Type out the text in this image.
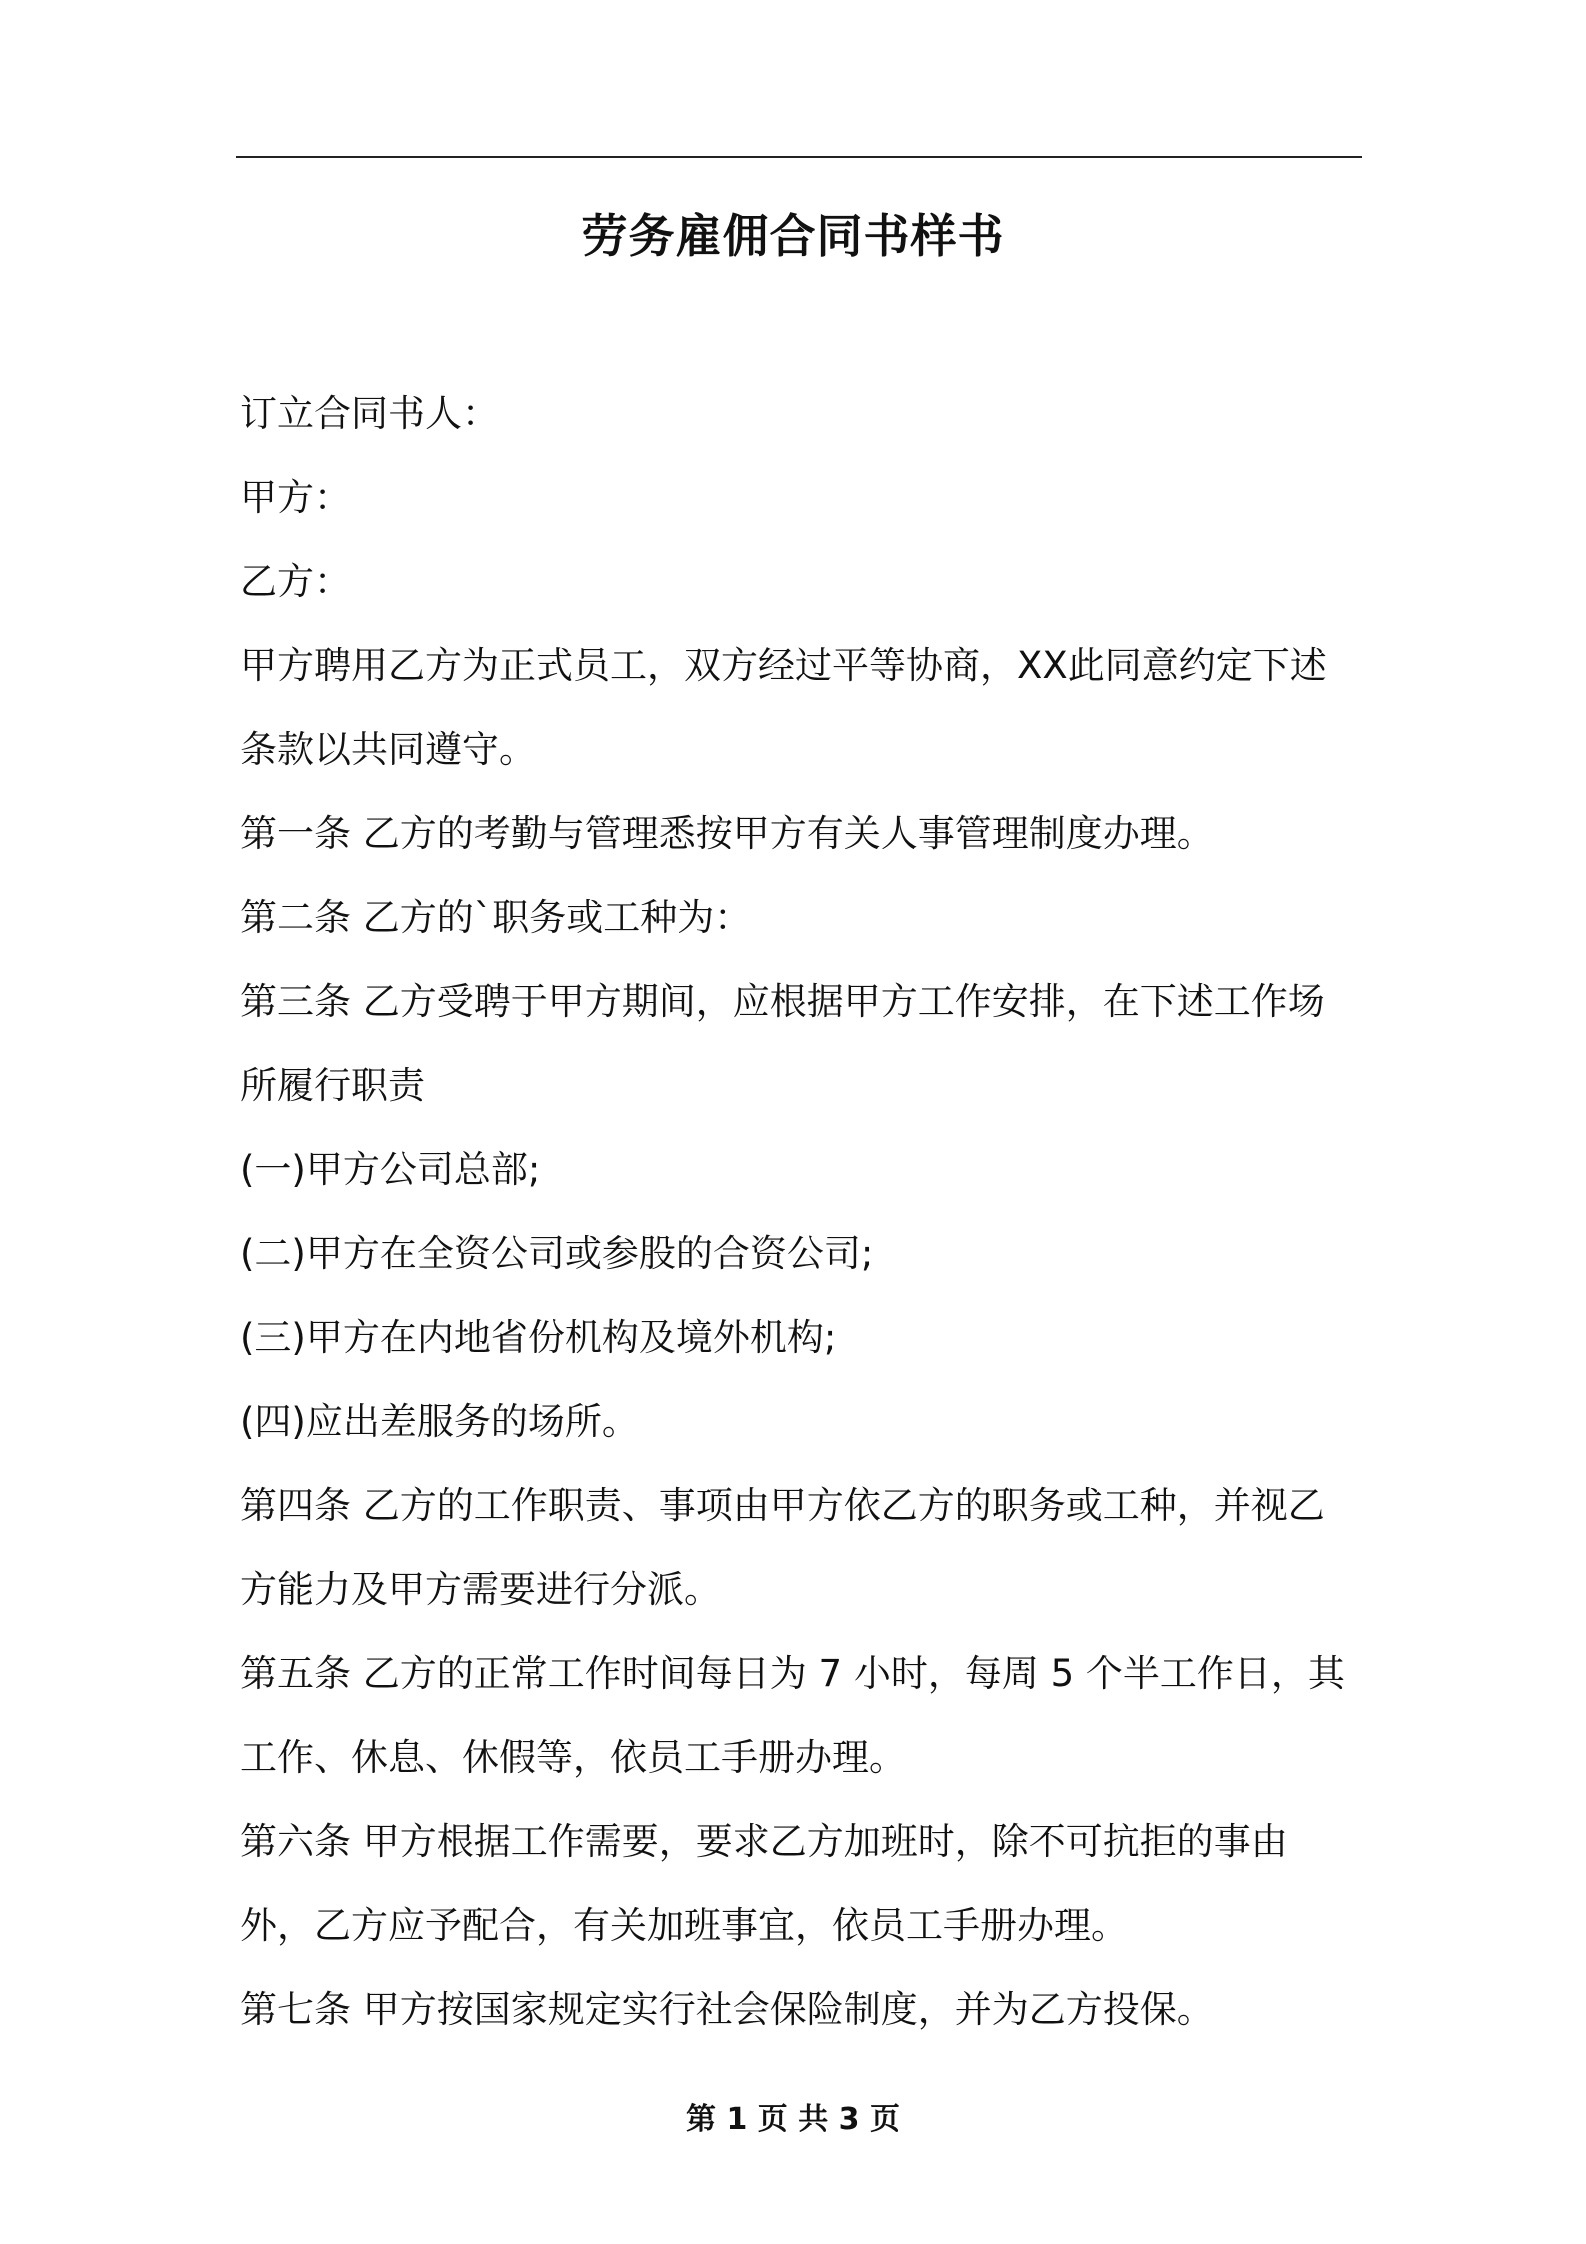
劳务雇佣合同书样书

订立合同书人：

甲方：

乙方：

甲方聘用乙方为正式员工，双方经过平等协商，XX此同意约定下述条款以共同遵守。

第一条 乙方的考勤与管理悉按甲方有关人事管理制度办理。

第二条 乙方的`职务或工种为：

第三条 乙方受聘于甲方期间，应根据甲方工作安排，在下述工作场所履行职责

(一)甲方公司总部;

(二)甲方在全资公司或参股的合资公司;

(三)甲方在内地省份机构及境外机构;

(四)应出差服务的场所。

第四条 乙方的工作职责、事项由甲方依乙方的职务或工种，并视乙方能力及甲方需要进行分派。

第五条 乙方的正常工作时间每日为 7 小时，每周 5 个半工作日，其工作、休息、休假等，依员工手册办理。

第六条 甲方根据工作需要，要求乙方加班时，除不可抗拒的事由外，乙方应予配合，有关加班事宜，依员工手册办理。

第七条 甲方按国家规定实行社会保险制度，并为乙方投保。

第 1 页 共 3 页
